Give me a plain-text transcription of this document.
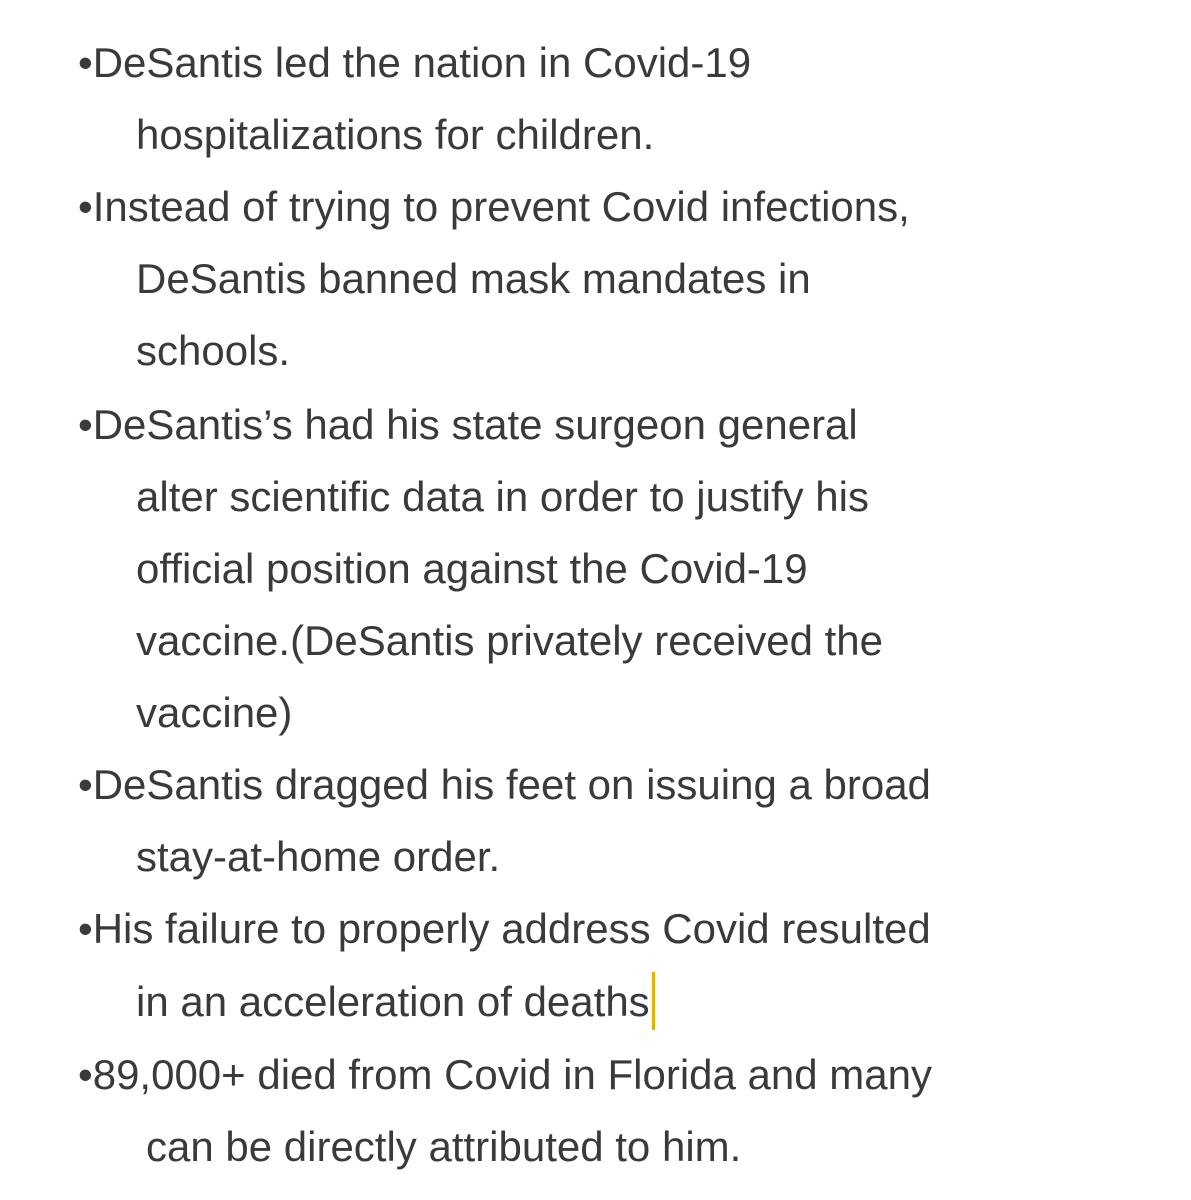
•DeSantis led the nation in Covid-19
hospitalizations for children.
•Instead of trying to prevent Covid infections,
DeSantis banned mask mandates in
schools.
•DeSantis’s had his state surgeon general
alter scientific data in order to justify his
official position against the Covid-19
vaccine.(DeSantis privately received the
vaccine)
•DeSantis dragged his feet on issuing a broad
stay-at-home order.
•His failure to properly address Covid resulted
in an acceleration of deaths
•89,000+ died from Covid in Florida and many
can be directly attributed to him.
